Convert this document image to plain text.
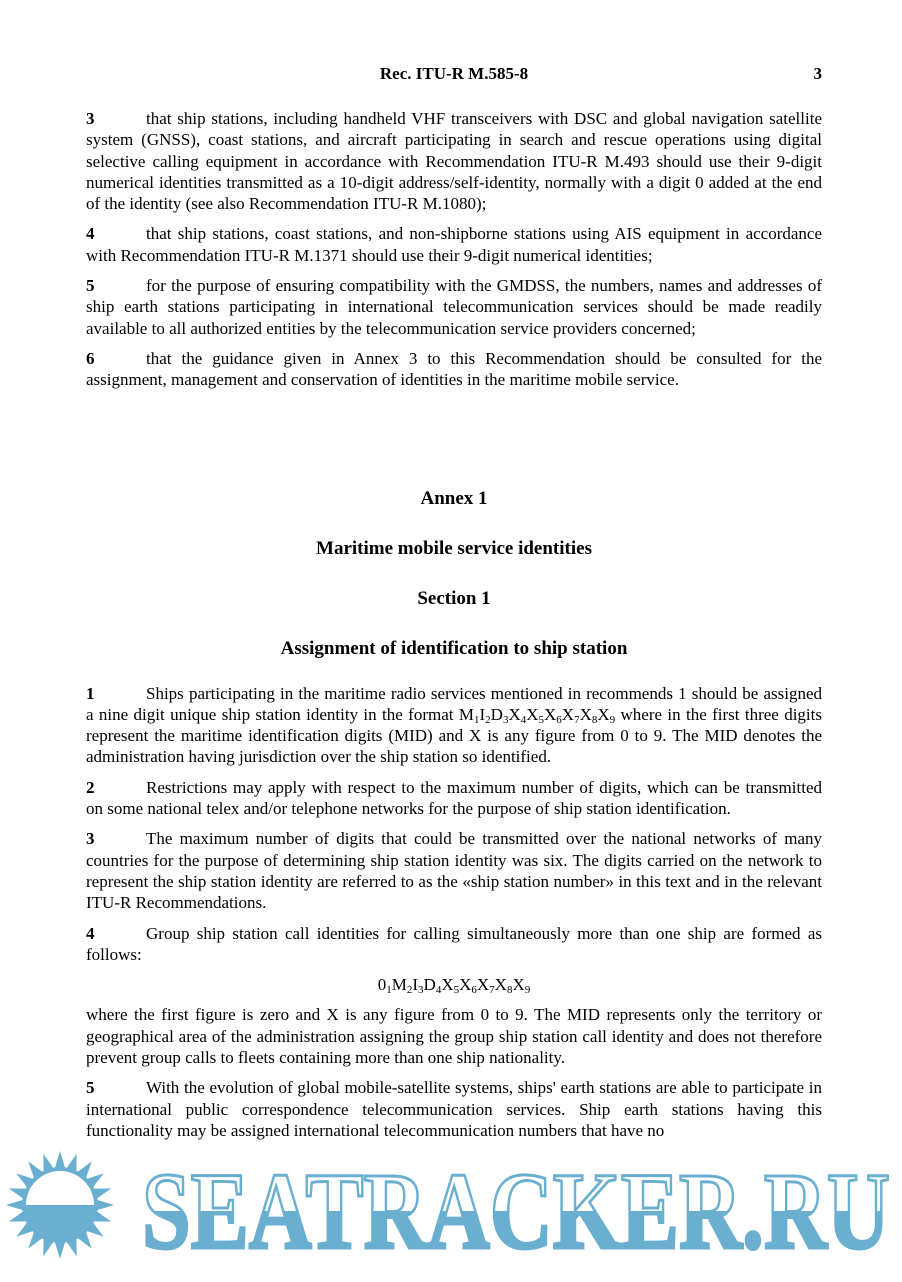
Rec. ITU-R M.585-8	3
3	that ship stations, including handheld VHF transceivers with DSC and global navigation satellite system (GNSS), coast stations, and aircraft participating in search and rescue operations using digital selective calling equipment in accordance with Recommendation ITU-R M.493 should use their 9-digit numerical identities transmitted as a 10-digit address/self-identity, normally with a digit 0 added at the end of the identity (see also Recommendation ITU-R M.1080);
4	that ship stations, coast stations, and non-shipborne stations using AIS equipment in accordance with Recommendation ITU-R M.1371 should use their 9-digit numerical identities;
5	for the purpose of ensuring compatibility with the GMDSS, the numbers, names and addresses of ship earth stations participating in international telecommunication services should be made readily available to all authorized entities by the telecommunication service providers concerned;
6	that the guidance given in Annex 3 to this Recommendation should be consulted for the assignment, management and conservation of identities in the maritime mobile service.
Annex 1
Maritime mobile service identities
Section 1
Assignment of identification to ship station
1	Ships participating in the maritime radio services mentioned in recommends 1 should be assigned a nine digit unique ship station identity in the format $M_1I_2D_3X_4X_5X_6X_7X_8X_9$ where in the first three digits represent the maritime identification digits (MID) and X is any figure from 0 to 9. The MID denotes the administration having jurisdiction over the ship station so identified.
2	Restrictions may apply with respect to the maximum number of digits, which can be transmitted on some national telex and/or telephone networks for the purpose of ship station identification.
3	The maximum number of digits that could be transmitted over the national networks of many countries for the purpose of determining ship station identity was six. The digits carried on the network to represent the ship station identity are referred to as the «ship station number» in this text and in the relevant ITU-R Recommendations.
4	Group ship station call identities for calling simultaneously more than one ship are formed as follows:
$0_1M_2I_3D_4X_5X_6X_7X_8X_9$
where the first figure is zero and X is any figure from 0 to 9. The MID represents only the territory or geographical area of the administration assigning the group ship station call identity and does not therefore prevent group calls to fleets containing more than one ship nationality.
5	With the evolution of global mobile-satellite systems, ships' earth stations are able to participate in international public correspondence telecommunication services. Ship earth stations having this functionality may be assigned international telecommunication numbers that have no
SEATRACKER.RU
